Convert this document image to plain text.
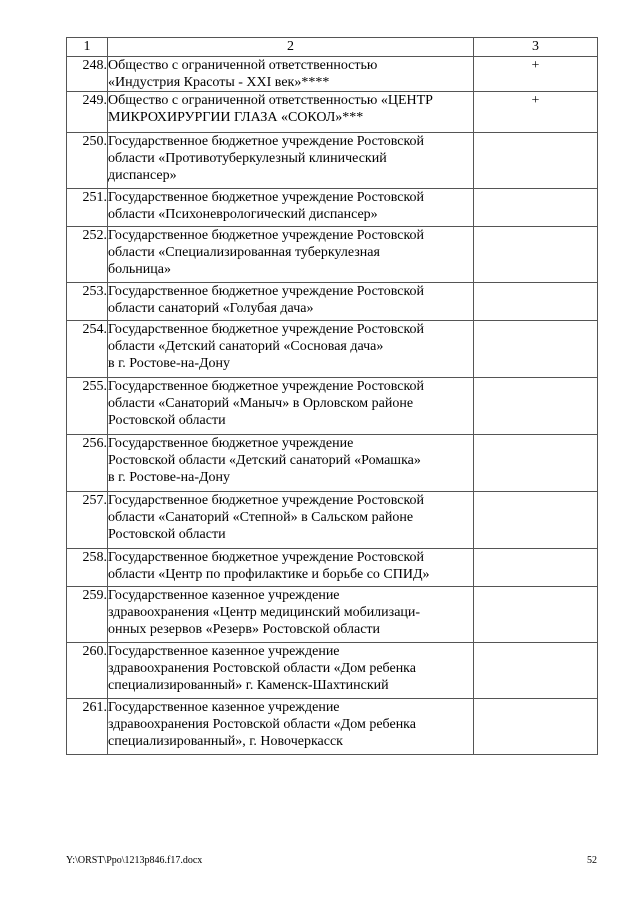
1	2	3
248.	Общество с ограниченной ответственностью
«Индустрия Красоты - XXI век»****	+
249.	Общество с ограниченной ответственностью «ЦЕНТР
МИКРОХИРУРГИИ ГЛАЗА «СОКОЛ»***	+
250.	Государственное бюджетное учреждение Ростовской
области «Противотуберкулезный клинический
диспансер»	

251.	Государственное бюджетное учреждение Ростовской
области «Психоневрологический диспансер»	

252.	Государственное бюджетное учреждение Ростовской
области «Специализированная туберкулезная
больница»	

253.	Государственное бюджетное учреждение Ростовской
области санаторий «Голубая дача»	

254.	Государственное бюджетное учреждение Ростовской
области «Детский санаторий «Сосновая дача»
в г. Ростове-на-Дону	

255.	Государственное бюджетное учреждение Ростовской
области «Санаторий «Маныч» в Орловском районе
Ростовской области	

256.	Государственное бюджетное учреждение
Ростовской области «Детский санаторий «Ромашка»
в г. Ростове-на-Дону	

257.	Государственное бюджетное учреждение Ростовской
области «Санаторий «Степной» в Сальском районе
Ростовской области	

258.	Государственное бюджетное учреждение Ростовской
области «Центр по профилактике и борьбе со СПИД»	

259.	Государственное казенное учреждение
здравоохранения «Центр медицинский мобилизаци-
онных резервов «Резерв» Ростовской области	

260.	Государственное казенное учреждение
здравоохранения Ростовской области «Дом ребенка
специализированный» г. Каменск-Шахтинский	

261.	Государственное казенное учреждение
здравоохранения Ростовской области «Дом ребенка
специализированный», г. Новочеркасск	

Y:\ORST\Ppo\1213p846.f17.docx	52
